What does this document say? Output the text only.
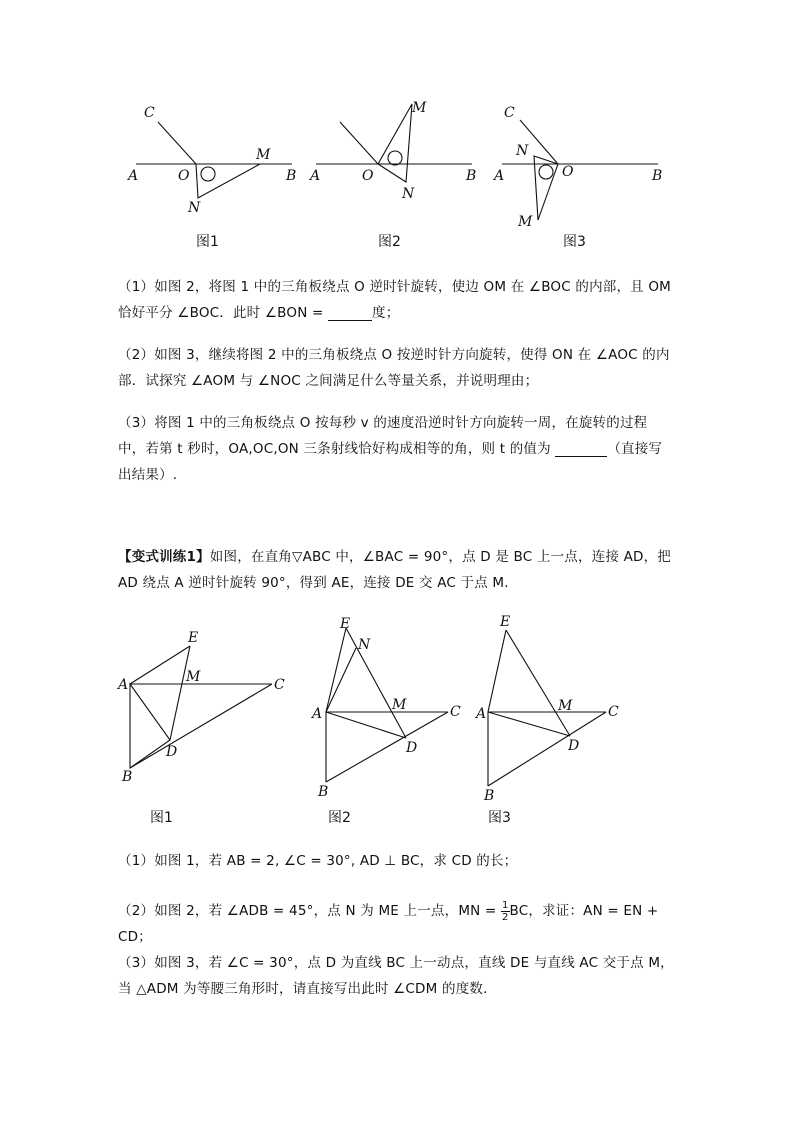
C
A	O
M
B
N
图1
M
A	O
N
B
图2
C
N
A	O	B
M
图3
E
A	M	C
D
B
图1
E
N
A
M	C
D
B
图2
E
A	M	C
D
B
图3
（1）如图 2，将图 1 中的三角板绕点 O 逆时针旋转，使边 OM 在 ∠BOC 的内部，且 OM 恰好平分 ∠BOC．此时 ∠BON =	度；
（2）如图 3，继续将图 2 中的三角板绕点 O 按逆时针方向旋转，使得 ON 在 ∠AOC 的内部．试探究 ∠AOM 与 ∠NOC 之间满足什么等量关系，并说明理由；
（3）将图 1 中的三角板绕点 O 按每秒 v 的速度沿逆时针方向旋转一周，在旋转的过程中，若第 t 秒时，OA,OC,ON 三条射线恰好构成相等的角，则 t 的值为	（直接写出结果）.
【变式训练1】如图，在直角▽ABC 中，∠BAC = 90°，点 D 是 BC 上一点，连接 AD，把 AD 绕点 A 逆时针旋转 90°，得到 AE，连接 DE 交 AC 于点 M．
（1）如图 1，若 AB = 2, ∠C = 30°, AD ⊥ BC，求 CD 的长；
（2）如图 2，若 ∠ADB = 45°，点 N 为 ME 上一点，MN = $\frac{1}{2}$ BC，求证：AN = EN + CD；
（3）如图 3，若 ∠C = 30°，点 D 为直线 BC 上一动点，直线 DE 与直线 AC 交于点 M，当 △ADM 为等腰三角形时，请直接写出此时 ∠CDM 的度数．
